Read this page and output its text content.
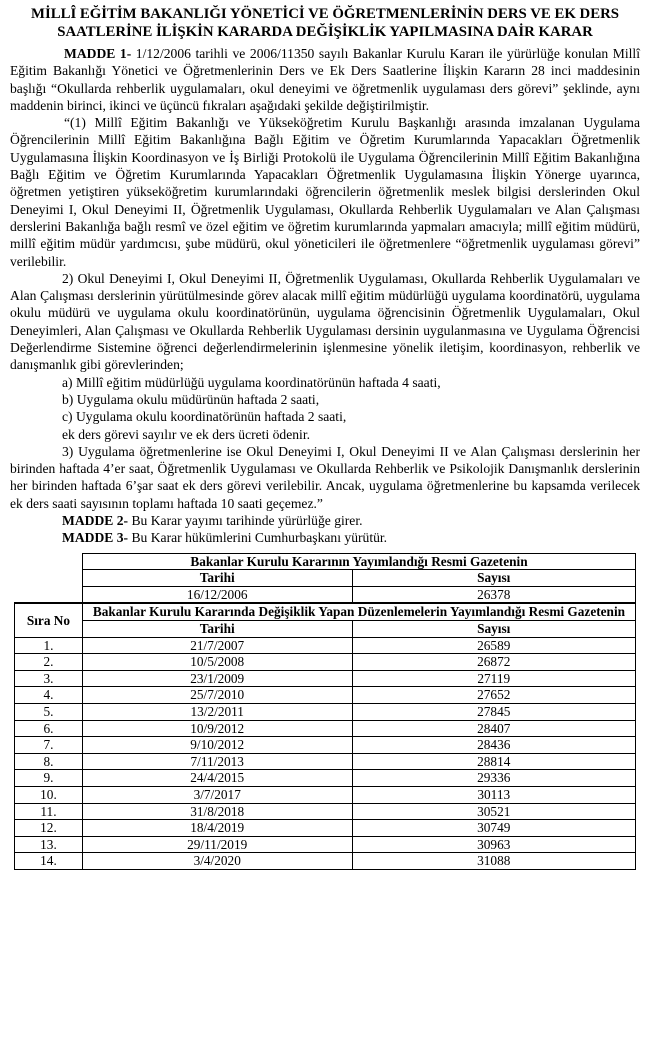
MİLLÎ EĞİTİM BAKANLIĞI YÖNETİCİ VE ÖĞRETMENLERİNİN DERS VE EK DERS SAATLERİNE İLİŞKİN KARARDA DEĞİŞİKLİK YAPILMASINA DAİR KARAR

MADDE 1- 1/12/2006 tarihli ve 2006/11350 sayılı Bakanlar Kurulu Kararı ile yürürlüğe konulan Millî Eğitim Bakanlığı Yönetici ve Öğretmenlerinin Ders ve Ek Ders Saatlerine İlişkin Kararın 28 inci maddesinin başlığı “Okullarda rehberlik uygulamaları, okul deneyimi ve öğretmenlik uygulaması ders görevi” şeklinde, aynı maddenin birinci, ikinci ve üçüncü fıkraları aşağıdaki şekilde değiştirilmiştir.

“(1) Millî Eğitim Bakanlığı ve Yükseköğretim Kurulu Başkanlığı arasında imzalanan Uygulama Öğrencilerinin Millî Eğitim Bakanlığına Bağlı Eğitim ve Öğretim Kurumlarında Yapacakları Öğretmenlik Uygulamasına İlişkin Koordinasyon ve İş Birliği Protokolü ile Uygulama Öğrencilerinin Millî Eğitim Bakanlığına Bağlı Eğitim ve Öğretim Kurumlarında Yapacakları Öğretmenlik Uygulamasına İlişkin Yönerge uyarınca, öğretmen yetiştiren yükseköğretim kurumlarındaki öğrencilerin öğretmenlik meslek bilgisi derslerinden Okul Deneyimi I, Okul Deneyimi II, Öğretmenlik Uygulaması, Okullarda Rehberlik Uygulamaları ve Alan Çalışması derslerini Bakanlığa bağlı resmî ve özel eğitim ve öğretim kurumlarında yapmaları amacıyla; millî eğitim müdürü, millî eğitim müdür yardımcısı, şube müdürü, okul yöneticileri ile öğretmenlere “öğretmenlik uygulaması görevi” verilebilir.

2) Okul Deneyimi I, Okul Deneyimi II, Öğretmenlik Uygulaması, Okullarda Rehberlik Uygulamaları ve Alan Çalışması derslerinin yürütülmesinde görev alacak millî eğitim müdürlüğü uygulama koordinatörü, uygulama okulu müdürü ve uygulama okulu koordinatörünün, uygulama öğrencisinin Öğretmenlik Uygulamaları, Okul Deneyimleri, Alan Çalışması ve Okullarda Rehberlik Uygulaması dersinin uygulanmasına ve Uygulama Öğrencisi Değerlendirme Sistemine öğrenci değerlendirmelerinin işlenmesine yönelik iletişim, koordinasyon, rehberlik ve danışmanlık gibi görevlerinden;

a) Millî eğitim müdürlüğü uygulama koordinatörünün haftada 4 saati,

b) Uygulama okulu müdürünün haftada 2 saati,

c) Uygulama okulu koordinatörünün haftada 2 saati,

ek ders görevi sayılır ve ek ders ücreti ödenir.

3) Uygulama öğretmenlerine ise Okul Deneyimi I, Okul Deneyimi II ve Alan Çalışması derslerinin her birinden haftada 4’er saat, Öğretmenlik Uygulaması ve Okullarda Rehberlik ve Psikolojik Danışmanlık derslerinin her birinden haftada 6’şar saat ek ders görevi verilebilir. Ancak, uygulama öğretmenlerine bu kapsamda verilecek ek ders saati sayısının toplamı haftada 10 saati geçemez.”

MADDE 2- Bu Karar yayımı tarihinde yürürlüğe girer.

MADDE 3- Bu Karar hükümlerini Cumhurbaşkanı yürütür.

	Bakanlar Kurulu Kararının Yayımlandığı Resmi Gazetenin	
	Tarihi	Sayısı
	16/12/2006	26378
Sıra No	Bakanlar Kurulu Kararında Değişiklik Yapan Düzenlemelerin Yayımlandığı Resmi Gazetenin	
	Tarihi	Sayısı
1.	21/7/2007	26589
2.	10/5/2008	26872
3.	23/1/2009	27119
4.	25/7/2010	27652
5.	13/2/2011	27845
6.	10/9/2012	28407
7.	9/10/2012	28436
8.	7/11/2013	28814
9.	24/4/2015	29336
10.	3/7/2017	30113
11.	31/8/2018	30521
12.	18/4/2019	30749
13.	29/11/2019	30963
14.	3/4/2020	31088
